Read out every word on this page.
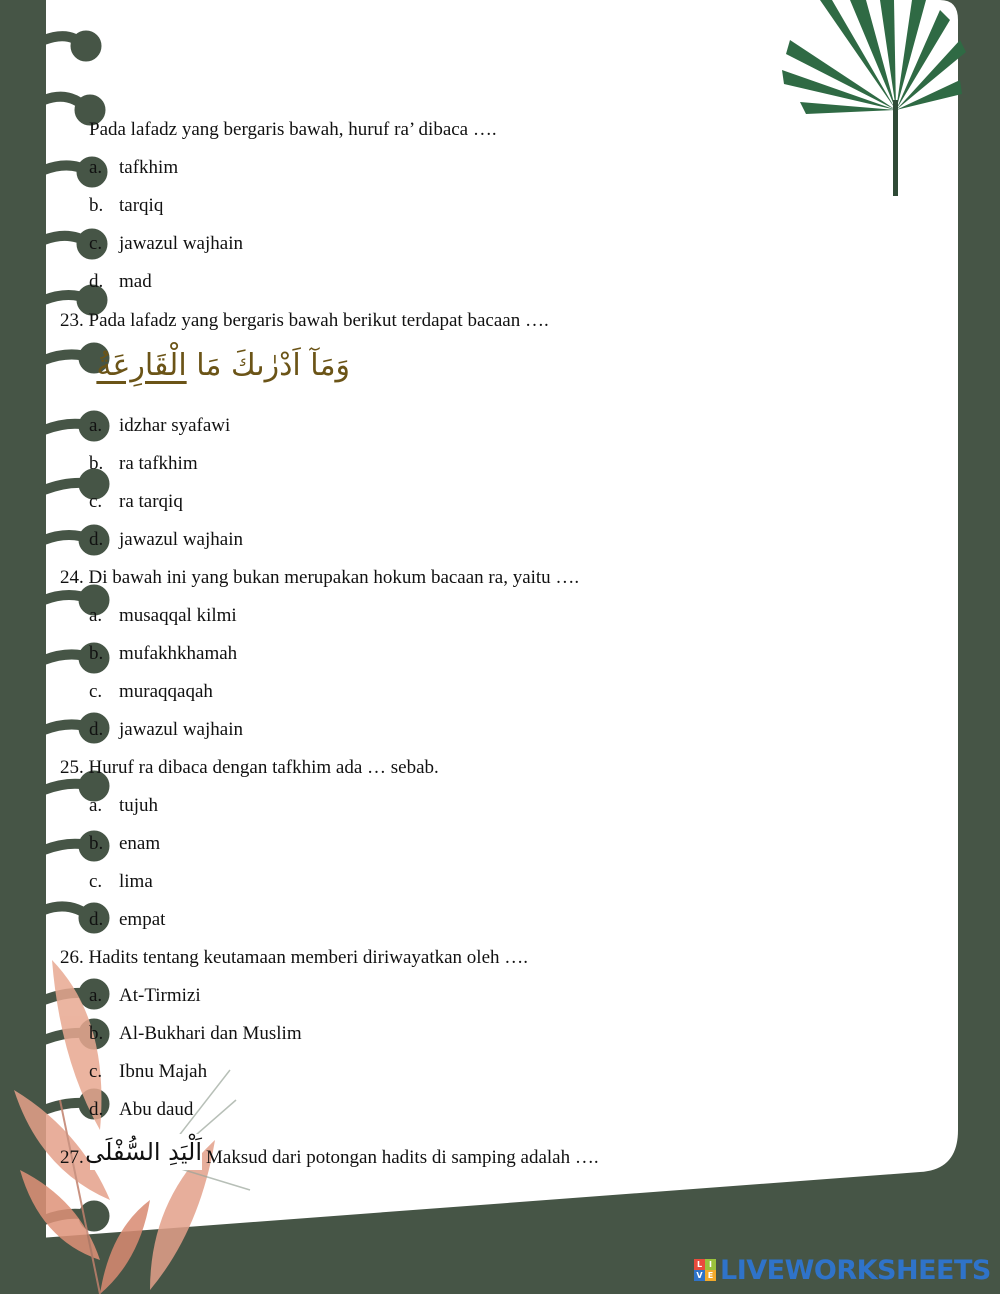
Pada lafadz yang bergaris bawah, huruf ra’ dibaca ….
a. tafkhim
b. tarqiq
c. jawazul wajhain
d. mad
23. Pada lafadz yang bergaris bawah berikut terdapat bacaan ….
وَمَآ اَدْرٰىكَ مَا الْقَارِعَةُ
a. idzhar syafawi
b. ra tafkhim
c. ra tarqiq
d. jawazul wajhain
24. Di bawah ini yang bukan merupakan hokum bacaan ra, yaitu ….
a. musaqqal kilmi
b. mufakhkhamah
c. muraqqaqah
d. jawazul wajhain
25. Huruf ra dibaca dengan tafkhim ada … sebab.
a. tujuh
b. enam
c. lima
d. empat
26. Hadits tentang keutamaan memberi diriwayatkan oleh ….
a. At-Tirmizi
b. Al-Bukhari dan Muslim
c. Ibnu Majah
d. Abu daud
27. اَلْيَدِ السُّفْلَى Maksud dari potongan hadits di samping adalah ….
L I
V E LIVEWORKSHEETS
